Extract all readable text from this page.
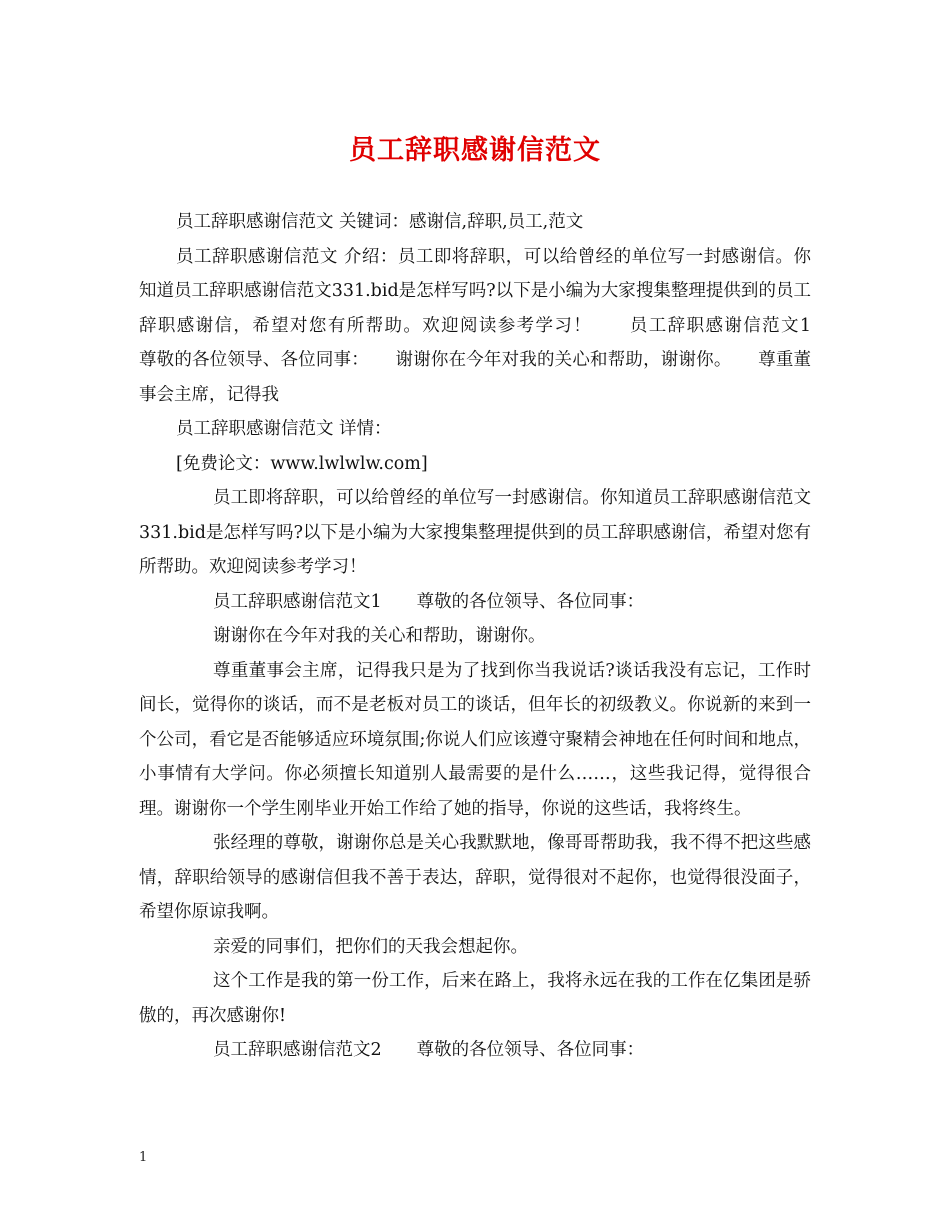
员工辞职感谢信范文

员工辞职感谢信范文 关键词：感谢信,辞职,员工,范文

员工辞职感谢信范文 介绍：员工即将辞职，可以给曾经的单位写一封感谢信。你知道员工辞职感谢信范文331.bid是怎样写吗?以下是小编为大家搜集整理提供到的员工辞职感谢信，希望对您有所帮助。欢迎阅读参考学习！　　员工辞职感谢信范文1　　尊敬的各位领导、各位同事：　　谢谢你在今年对我的关心和帮助，谢谢你。　　尊重董事会主席，记得我

员工辞职感谢信范文 详情：

[免费论文：www.lwlwlw.com]

员工即将辞职，可以给曾经的单位写一封感谢信。你知道员工辞职感谢信范文331.bid是怎样写吗?以下是小编为大家搜集整理提供到的员工辞职感谢信，希望对您有所帮助。欢迎阅读参考学习！

员工辞职感谢信范文1　　尊敬的各位领导、各位同事：

谢谢你在今年对我的关心和帮助，谢谢你。

尊重董事会主席，记得我只是为了找到你当我说话?谈话我没有忘记，工作时间长，觉得你的谈话，而不是老板对员工的谈话，但年长的初级教义。你说新的来到一个公司，看它是否能够适应环境氛围;你说人们应该遵守聚精会神地在任何时间和地点，小事情有大学问。你必须擅长知道别人最需要的是什么……，这些我记得，觉得很合理。谢谢你一个学生刚毕业开始工作给了她的指导，你说的这些话，我将终生。

张经理的尊敬，谢谢你总是关心我默默地，像哥哥帮助我，我不得不把这些感情，辞职给领导的感谢信但我不善于表达，辞职，觉得很对不起你，也觉得很没面子，希望你原谅我啊。

亲爱的同事们，把你们的天我会想起你。

这个工作是我的第一份工作，后来在路上，我将永远在我的工作在亿集团是骄傲的，再次感谢你!

员工辞职感谢信范文2　　尊敬的各位领导、各位同事：

1
